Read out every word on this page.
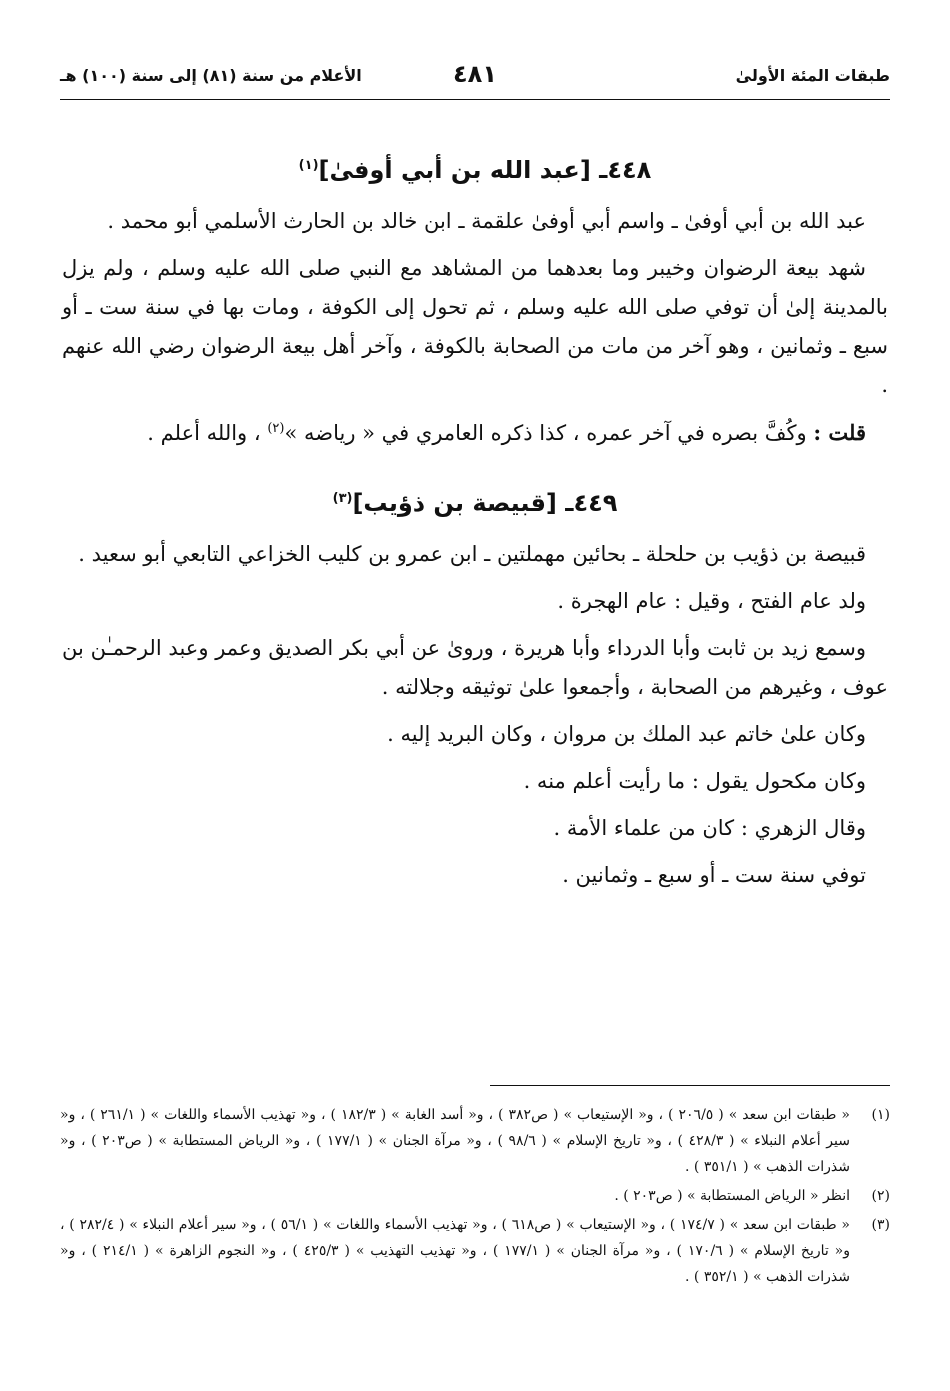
طبقات المئة الأولىٰ
٤٨١
الأعلام من سنة (٨١) إلى سنة (١٠٠) هـ
٤٤٨ـ [عبد الله بن أبي أوفىٰ]$^{(١)}$

عبد الله بن أبي أوفىٰ ـ واسم أبي أوفىٰ علقمة ـ ابن خالد بن الحارث الأسلمي أبو محمد .

شهد بيعة الرضوان وخيبر وما بعدهما من المشاهد مع النبي صلى الله عليه وسلم ، ولم يزل بالمدينة إلىٰ أن توفي صلى الله عليه وسلم ، ثم تحول إلى الكوفة ، ومات بها في سنة ست ـ أو سبع ـ وثمانين ، وهو آخر من مات من الصحابة بالكوفة ، وآخر أهل بيعة الرضوان رضي الله عنهم .

قلت : وكُفَّ بصره في آخر عمره ، كذا ذكره العامري في « رياضه »$^{(٢)}$ ، والله أعلم .

٤٤٩ـ [قبيصة بن ذؤيب]$^{(٣)}$

قبيصة بن ذؤيب بن حلحلة ـ بحائين مهملتين ـ ابن عمرو بن كليب الخزاعي التابعي أبو سعيد .

ولد عام الفتح ، وقيل : عام الهجرة .

وسمع زيد بن ثابت وأبا الدرداء وأبا هريرة ، وروىٰ عن أبي بكر الصديق وعمر وعبد الرحمـٰن بن عوف ، وغيرهم من الصحابة ، وأجمعوا علىٰ توثيقه وجلالته .

وكان علىٰ خاتم عبد الملك بن مروان ، وكان البريد إليه .

وكان مكحول يقول : ما رأيت أعلم منه .

وقال الزهري : كان من علماء الأمة .

توفي سنة ست ـ أو سبع ـ وثمانين .

(١)
« طبقات ابن سعد » ( ٢٠٦/٥ ) ، و« الإستيعاب » ( ص٣٨٢ ) ، و« أسد الغابة » ( ١٨٢/٣ ) ، و« تهذيب الأسماء واللغات » ( ٢٦١/١ ) ، و« سير أعلام النبلاء » ( ٤٢٨/٣ ) ، و« تاريخ الإسلام » ( ٩٨/٦ ) ، و« مرآة الجنان » ( ١٧٧/١ ) ، و« الرياض المستطابة » ( ص٢٠٣ ) ، و« شذرات الذهب » ( ٣٥١/١ ) .
(٢)
انظر « الرياض المستطابة » ( ص٢٠٣ ) .
(٣)
« طبقات ابن سعد » ( ١٧٤/٧ ) ، و« الإستيعاب » ( ص٦١٨ ) ، و« تهذيب الأسماء واللغات » ( ٥٦/١ ) ، و« سير أعلام النبلاء » ( ٢٨٢/٤ ) ، و« تاريخ الإسلام » ( ١٧٠/٦ ) ، و« مرآة الجنان » ( ١٧٧/١ ) ، و« تهذيب التهذيب » ( ٤٢٥/٣ ) ، و« النجوم الزاهرة » ( ٢١٤/١ ) ، و« شذرات الذهب » ( ٣٥٢/١ ) .
